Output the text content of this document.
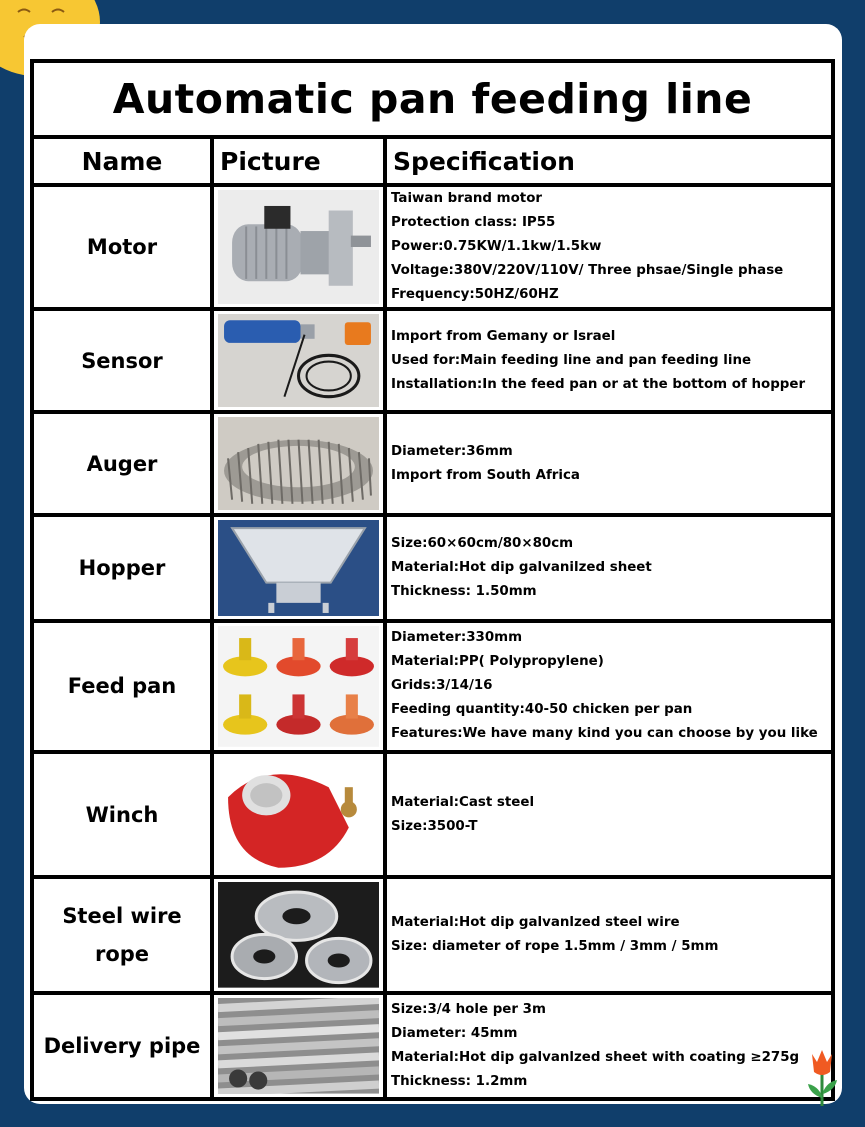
Automatic pan feeding line		
Name	Picture	Specification
Motor		Taiwan brand motor
Protection class: IP55
Power:0.75KW/1.1kw/1.5kw
Voltage:380V/220V/110V/ Three phsae/Single phase
Frequency:50HZ/60HZ

Sensor		Import from Gemany or Israel
Used for:Main feeding line and pan feeding line
Installation:In the feed pan or at the bottom of hopper

Auger		Diameter:36mm
Import from South Africa

Hopper		Size:60×60cm/80×80cm
Material:Hot dip galvanilzed sheet
Thickness: 1.50mm

Feed pan		Diameter:330mm
Material:PP( Polypropylene)
Grids:3/14/16
Feeding quantity:40-50 chicken per pan
Features:We have many kind you can choose by you like

Winch		Material:Cast steel
Size:3500-T

Steel wire rope		Material:Hot dip galvanlzed steel wire
Size: diameter of rope 1.5mm / 3mm / 5mm

Delivery pipe		Size:3/4 hole per 3m
Diameter: 45mm
Material:Hot dip galvanlzed sheet with coating ≥275g
Thickness: 1.2mm
